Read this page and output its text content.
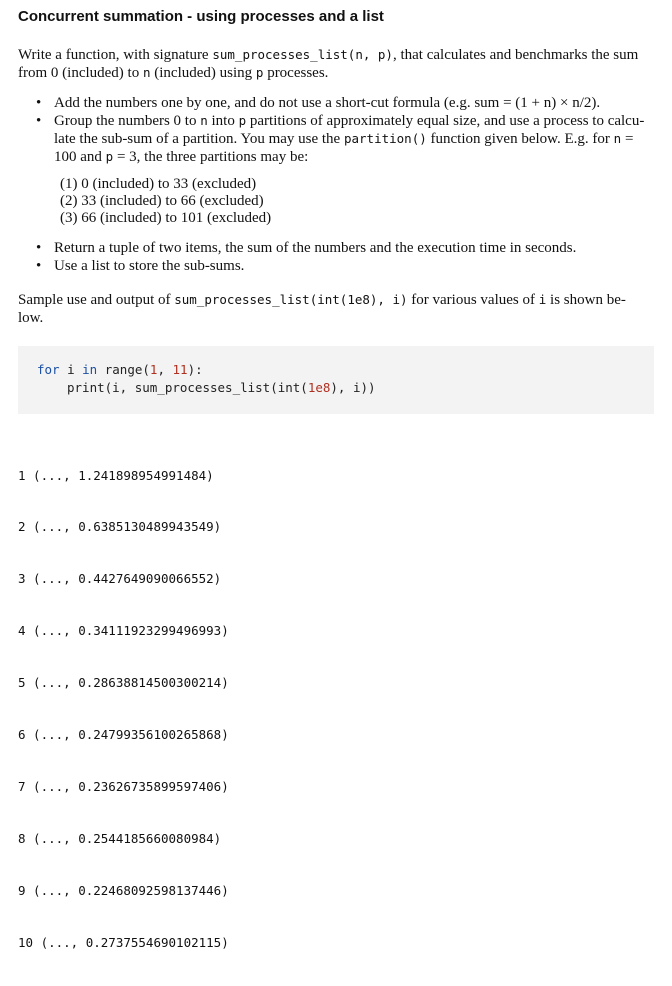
Concurrent summation - using processes and a list
Write a function, with signature sum_processes_list(n, p), that calculates and benchmarks the sum
from 0 (included) to n (included) using p processes.
• Add the numbers one by one, and do not use a short-cut formula (e.g. sum = (1 + n) × n/2).
• Group the numbers 0 to n into p partitions of approximately equal size, and use a process to calcu-
late the sub-sum of a partition. You may use the partition() function given below. E.g. for n =
100 and p = 3, the three partitions may be:
(1) 0 (included) to 33 (excluded)
(2) 33 (included) to 66 (excluded)
(3) 66 (included) to 101 (excluded)
• Return a tuple of two items, the sum of the numbers and the execution time in seconds.
• Use a list to store the sub-sums.
Sample use and output of sum_processes_list(int(1e8), i) for various values of i is shown be-
low.
for i in range(1, 11):
print(i, sum_processes_list(int(1e8), i))

1 (..., 1.241898954991484)

2 (..., 0.6385130489943549)

3 (..., 0.4427649090066552)

4 (..., 0.34111923299496993)

5 (..., 0.28638814500300214)

6 (..., 0.24799356100265868)

7 (..., 0.23626735899597406)

8 (..., 0.2544185660080984)

9 (..., 0.22468092598137446)

10 (..., 0.2737554690102115)
